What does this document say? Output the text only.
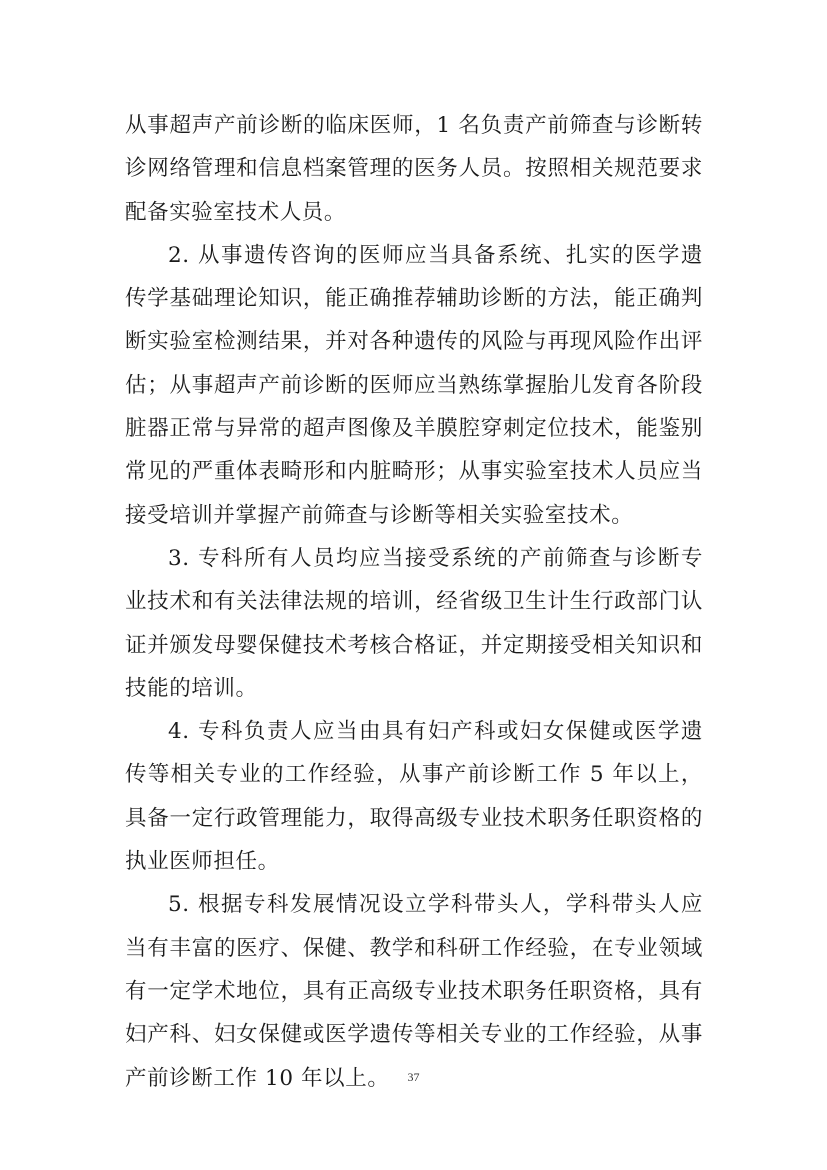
从事超声产前诊断的临床医师，1 名负责产前筛查与诊断转诊网络管理和信息档案管理的医务人员。按照相关规范要求配备实验室技术人员。

2. 从事遗传咨询的医师应当具备系统、扎实的医学遗传学基础理论知识，能正确推荐辅助诊断的方法，能正确判断实验室检测结果，并对各种遗传的风险与再现风险作出评估；从事超声产前诊断的医师应当熟练掌握胎儿发育各阶段脏器正常与异常的超声图像及羊膜腔穿刺定位技术，能鉴别常见的严重体表畸形和内脏畸形；从事实验室技术人员应当接受培训并掌握产前筛查与诊断等相关实验室技术。

3. 专科所有人员均应当接受系统的产前筛查与诊断专业技术和有关法律法规的培训，经省级卫生计生行政部门认证并颁发母婴保健技术考核合格证，并定期接受相关知识和技能的培训。

4. 专科负责人应当由具有妇产科或妇女保健或医学遗传等相关专业的工作经验，从事产前诊断工作 5 年以上，具备一定行政管理能力，取得高级专业技术职务任职资格的执业医师担任。

5. 根据专科发展情况设立学科带头人，学科带头人应当有丰富的医疗、保健、教学和科研工作经验，在专业领域有一定学术地位，具有正高级专业技术职务任职资格，具有妇产科、妇女保健或医学遗传等相关专业的工作经验，从事产前诊断工作 10 年以上。	37
